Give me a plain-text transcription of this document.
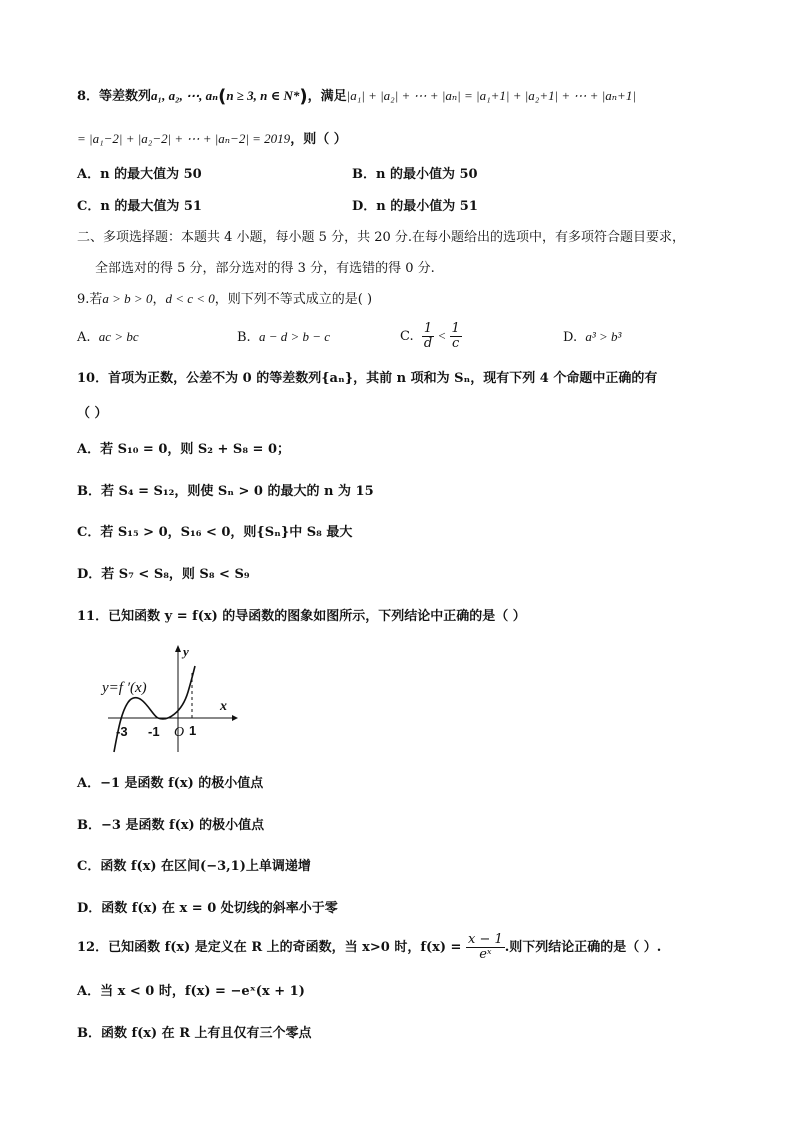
8．等差数列a₁, a₂, ⋯, aₙ(n ≥ 3, n ∈ N*)，满足|a₁| + |a₂| + ⋯ + |aₙ| = |a₁+1| + |a₂+1| + ⋯ + |aₙ+1|
= |a₁−2| + |a₂−2| + ⋯ + |aₙ−2| = 2019，则（ ）
A．n 的最大值为 50	B．n 的最小值为 50
C．n 的最大值为 51	D．n 的最小值为 51
二、多项选择题：本题共 4 小题，每小题 5 分，共 20 分.在每小题给出的选项中，有多项符合题目要求，
全部选对的得 5 分，部分选对的得 3 分，有选错的得 0 分.
9.若a > b > 0，d < c < 0，则下列不等式成立的是( )
A. ac > bc	B. a − d > b − c	C. $\frac{1}{d} < \frac{1}{c}$	D. a³ > b³
10．首项为正数，公差不为 0 的等差数列{aₙ}，其前 n 项和为 Sₙ，现有下列 4 个命题中正确的有
（ ）
A．若 S₁₀ = 0，则 S₂ + S₈ = 0；
B．若 S₄ = S₁₂，则使 Sₙ > 0 的最大的 n 为 15
C．若 S₁₅ > 0，S₁₆ < 0，则{Sₙ}中 S₈ 最大
D．若 S₇ < S₈，则 S₈ < S₉
11．已知函数 y = f(x) 的导函数的图象如图所示，下列结论中正确的是（ ）
y=f ′(x)
x
y
O
-3 -1 1
A．−1 是函数 f(x) 的极小值点
B．−3 是函数 f(x) 的极小值点
C．函数 f(x) 在区间(−3,1)上单调递增
D．函数 f(x) 在 x = 0 处切线的斜率小于零
12．已知函数 f(x) 是定义在 R 上的奇函数，当 x>0 时，$f(x) = \frac{x - 1}{\text{eˣ}}$ .则下列结论正确的是（ ）.
A．当 x < 0 时，f(x) = −eˣ(x + 1)
B．函数 f(x) 在 R 上有且仅有三个零点
